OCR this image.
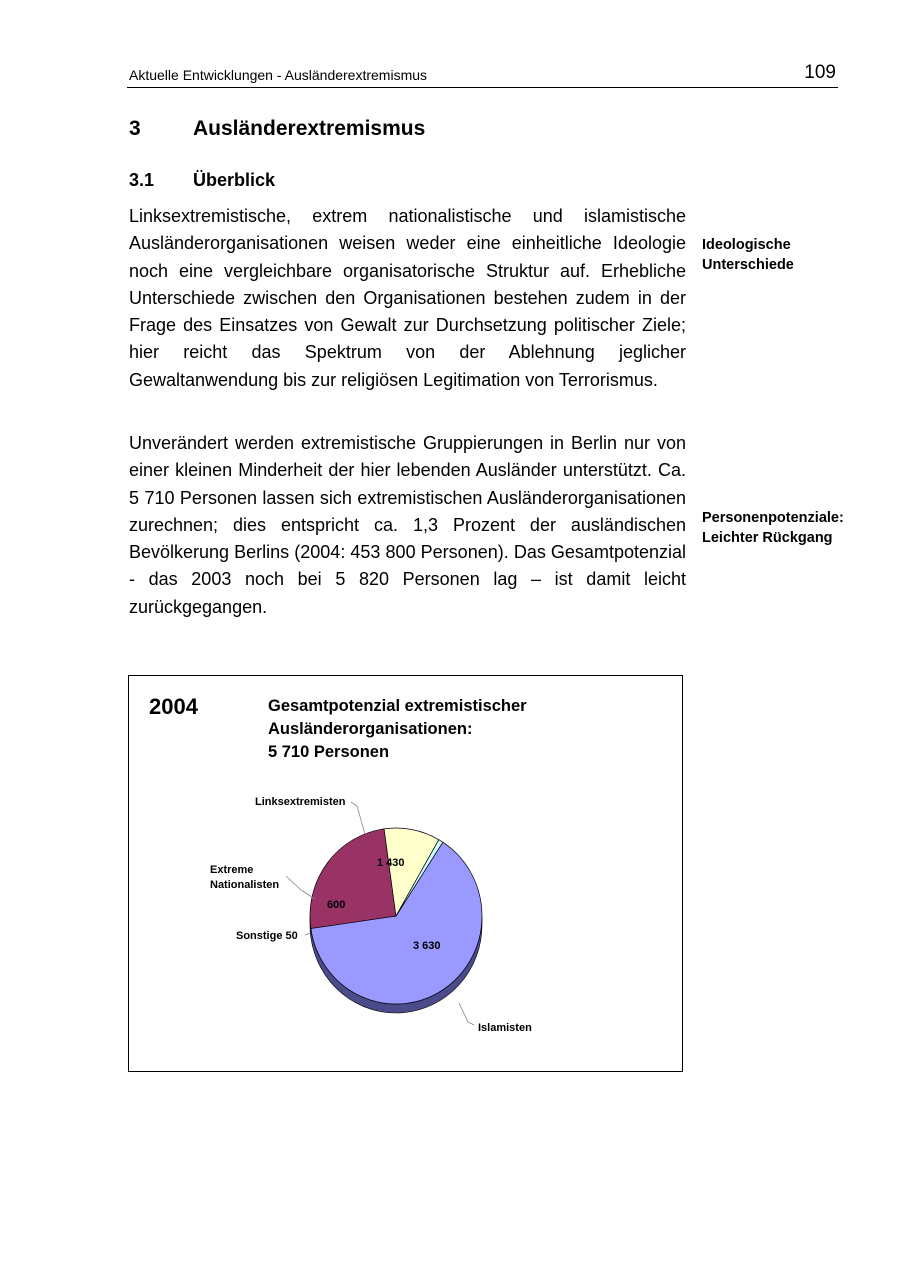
Aktuelle Entwicklungen - Ausländerextremismus	109
3 Ausländerextremismus
3.1 Überblick

Linksextremistische, extrem nationalistische und islamistische Ausländerorganisationen weisen weder eine einheitliche Ideologie noch eine vergleichbare organisatorische Struktur auf. Erhebliche Unterschiede zwischen den Organisationen bestehen zudem in der Frage des Einsatzes von Gewalt zur Durchsetzung politischer Ziele; hier reicht das Spektrum von der Ablehnung jeglicher Gewaltanwendung bis zur religiösen Legitimation von Terrorismus.

Unverändert werden extremistische Gruppierungen in Berlin nur von einer kleinen Minderheit der hier lebenden Ausländer unterstützt. Ca. 5 710 Personen lassen sich extremistischen Ausländerorganisationen zurechnen; dies entspricht ca. 1,3 Prozent der ausländischen Bevölkerung Berlins (2004: 453 800 Personen). Das Gesamtpotenzial - das 2003 noch bei 5 820 Personen lag – ist damit leicht zurückgegangen.

Ideologische
Unterschiede
Personenpotenziale:
Leichter Rückgang
2004	Gesamtpotenzial extremistischer
Ausländerorganisationen:
5 710 Personen
Linksextremisten
Extreme
Nationalisten
Sonstige 50
Islamisten
1 430
600
3 630
